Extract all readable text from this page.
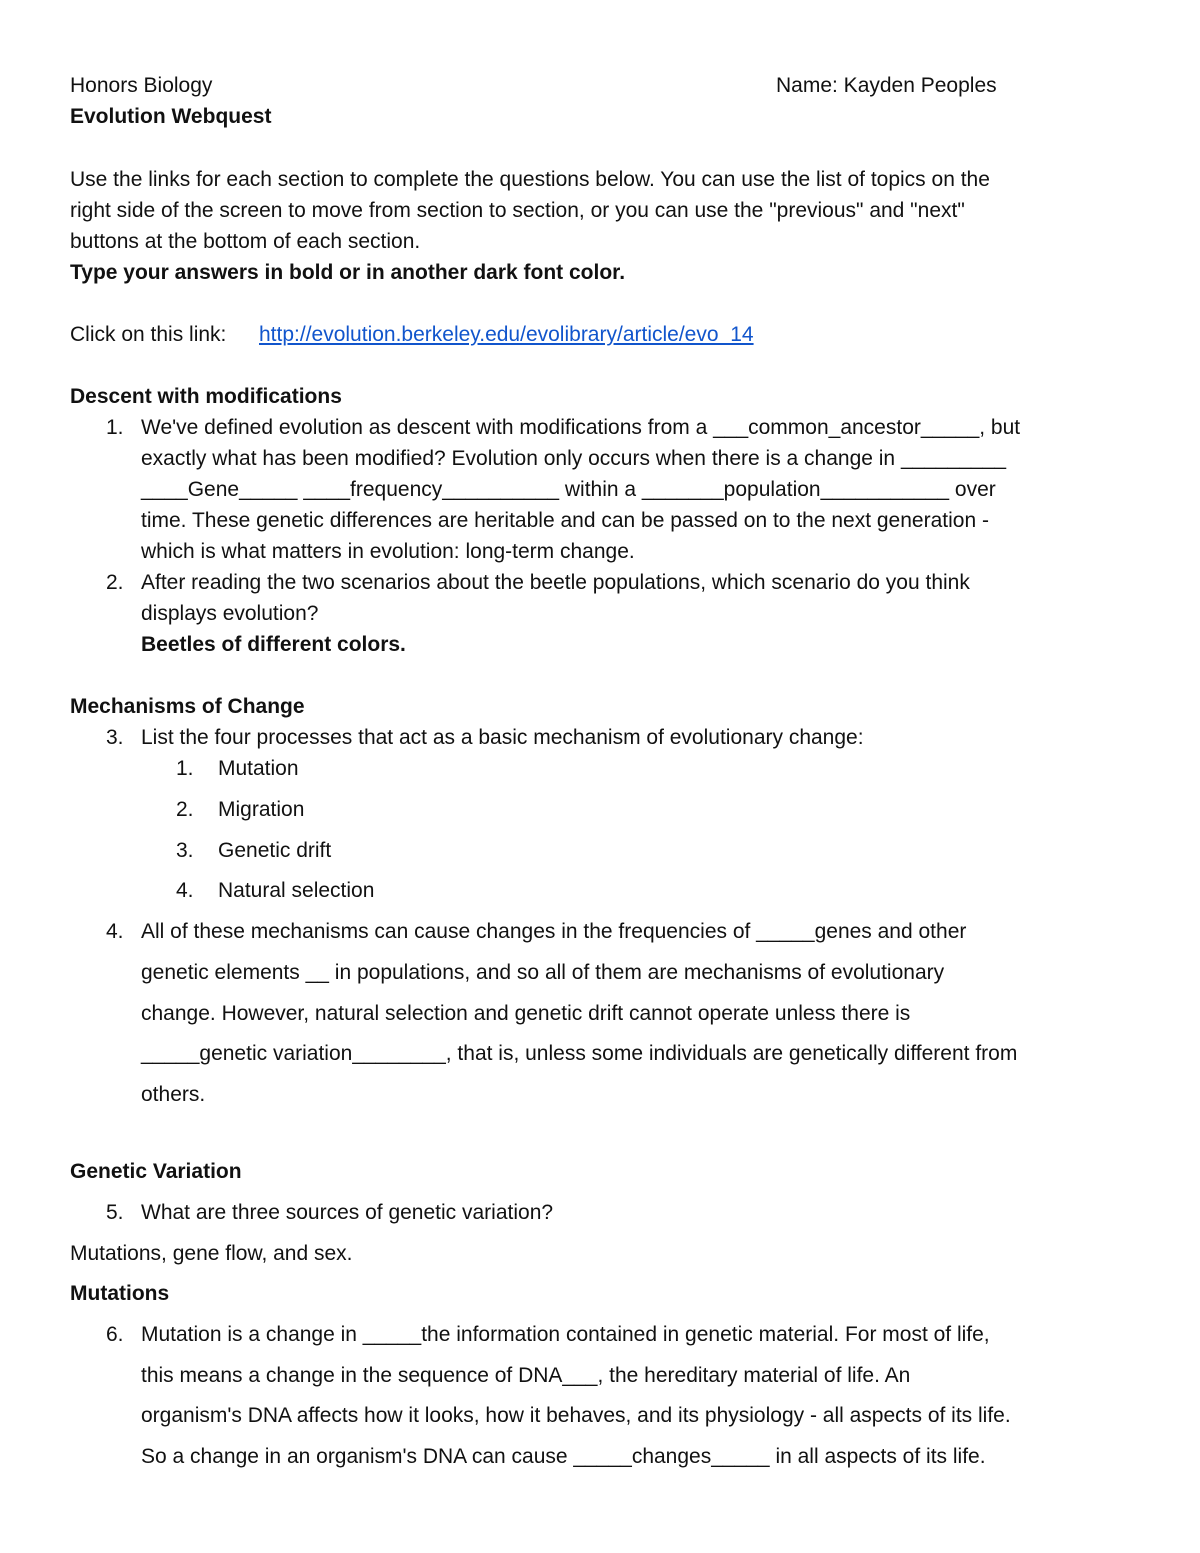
Honors Biology	Name: Kayden Peoples
Evolution Webquest
Use the links for each section to complete the questions below. You can use the list of topics on the
right side of the screen to move from section to section, or you can use the "previous" and "next"
buttons at the bottom of each section.
Type your answers in bold or in another dark font color.
Click on this link: http://evolution.berkeley.edu/evolibrary/article/evo_14
Descent with modifications
1. We've defined evolution as descent with modifications from a ___common_ancestor_____, but
exactly what has been modified? Evolution only occurs when there is a change in _________
____Gene_____ ____frequency__________ within a _______population___________ over
time. These genetic differences are heritable and can be passed on to the next generation -
which is what matters in evolution: long-term change.
2. After reading the two scenarios about the beetle populations, which scenario do you think
displays evolution?
Beetles of different colors.
Mechanisms of Change
3. List the four processes that act as a basic mechanism of evolutionary change:
1. Mutation
2. Migration
3. Genetic drift
4. Natural selection
4. All of these mechanisms can cause changes in the frequencies of _____genes and other
genetic elements __ in populations, and so all of them are mechanisms of evolutionary
change. However, natural selection and genetic drift cannot operate unless there is
_____genetic variation________, that is, unless some individuals are genetically different from
others.
Genetic Variation
5. What are three sources of genetic variation?
Mutations, gene flow, and sex.
Mutations
6. Mutation is a change in _____the information contained in genetic material. For most of life,
this means a change in the sequence of DNA___, the hereditary material of life. An
organism's DNA affects how it looks, how it behaves, and its physiology - all aspects of its life.
So a change in an organism's DNA can cause _____changes_____ in all aspects of its life.
